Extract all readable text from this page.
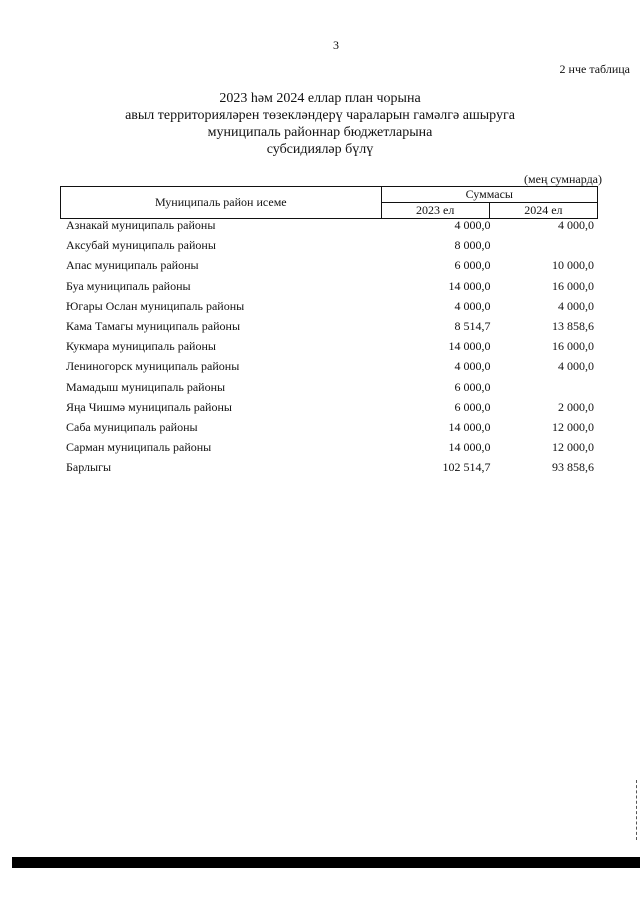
3
2 нче таблица
2023 һәм 2024 еллар план чорына
авыл территорияләрен төзеклəндерү чараларын гамәлгә ашыруга
муниципаль районнар бюджетларына
субсидияләр бүлү
(мең сумнарда)
Муниципаль район исеме	Суммасы	
	2023 ел	2024 ел
Азнакай муниципаль районы	4 000,0	4 000,0
Аксубай муниципаль районы	8 000,0	
Апас муниципаль районы	6 000,0	10 000,0
Буа муниципаль районы	14 000,0	16 000,0
Югары Ослан муниципаль районы	4 000,0	4 000,0
Кама Тамагы муниципаль районы	8 514,7	13 858,6
Кукмара муниципаль районы	14 000,0	16 000,0
Лениногорск муниципаль районы	4 000,0	4 000,0
Мамадыш муниципаль районы	6 000,0	
Яңа Чишмә муниципаль районы	6 000,0	2 000,0
Саба муниципаль районы	14 000,0	12 000,0
Сарман муниципаль районы	14 000,0	12 000,0
Барлыгы	102 514,7	93 858,6
